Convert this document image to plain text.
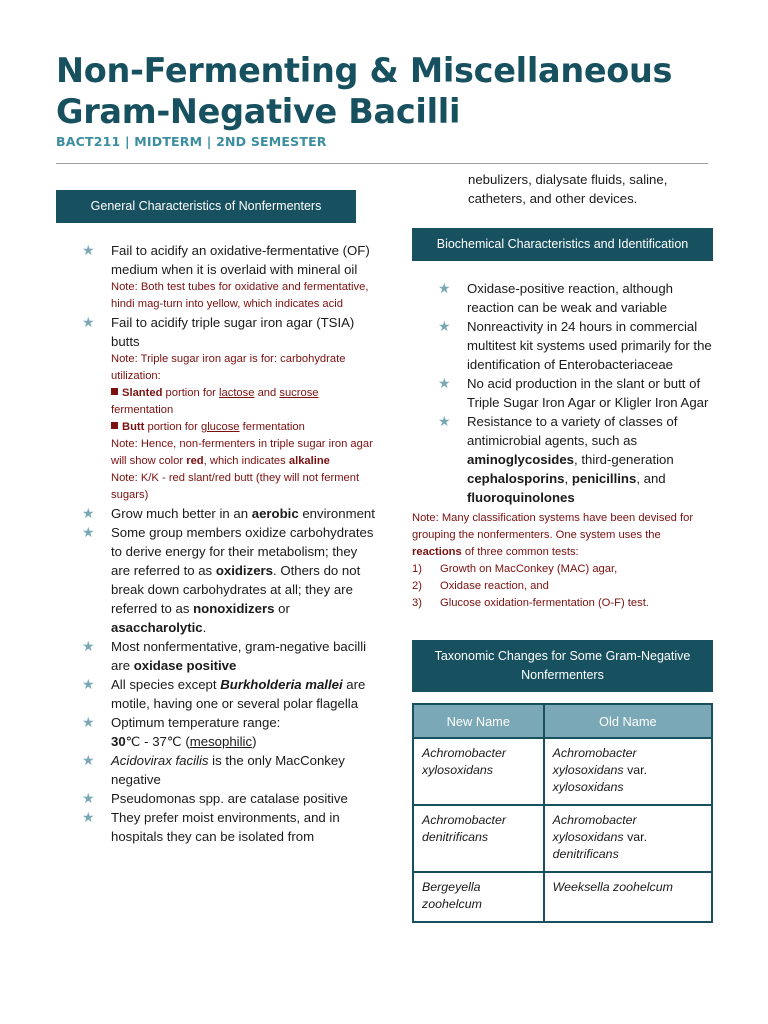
Non-Fermenting & Miscellaneous Gram-Negative Bacilli
BACT211 | MIDTERM | 2ND SEMESTER
General Characteristics of Nonfermenters
★ Fail to acidify an oxidative-fermentative (OF) medium when it is overlaid with mineral oil
Note: Both test tubes for oxidative and fermentative, hindi mag-turn into yellow, which indicates acid
★ Fail to acidify triple sugar iron agar (TSIA) butts
Note: Triple sugar iron agar is for: carbohydrate utilization:
Slanted portion for lactose and sucrose fermentation
Butt portion for glucose fermentation
Note: Hence, non-fermenters in triple sugar iron agar will show color red, which indicates alkaline
Note: K/K - red slant/red butt (they will not ferment sugars)
★ Grow much better in an aerobic environment
★ Some group members oxidize carbohydrates to derive energy for their metabolism; they are referred to as oxidizers. Others do not break down carbohydrates at all; they are referred to as nonoxidizers or asaccharolytic.
★ Most nonfermentative, gram-negative bacilli are oxidase positive
★ All species except Burkholderia mallei are motile, having one or several polar flagella
★ Optimum temperature range:
30℃ - 37℃ (mesophilic)
★ Acidovirax facilis is the only MacConkey negative
★ Pseudomonas spp. are catalase positive
★ They prefer moist environments, and in hospitals they can be isolated from
nebulizers, dialysate fluids, saline, catheters, and other devices.
Biochemical Characteristics and Identification
★ Oxidase-positive reaction, although reaction can be weak and variable
★ Nonreactivity in 24 hours in commercial multitest kit systems used primarily for the identification of Enterobacteriaceae
★ No acid production in the slant or butt of Triple Sugar Iron Agar or Kligler Iron Agar
★ Resistance to a variety of classes of antimicrobial agents, such as aminoglycosides, third-generation cephalosporins, penicillins, and fluoroquinolones
Note: Many classification systems have been devised for grouping the nonfermenters. One system uses the reactions of three common tests:
1)	Growth on MacConkey (MAC) agar,
2)	Oxidase reaction, and
3)	Glucose oxidation-fermentation (O-F) test.
Taxonomic Changes for Some Gram-Negative Nonfermenters
New Name	Old Name
Achromobacter xylosoxidans	Achromobacter xylosoxidans var. xylosoxidans
Achromobacter denitrificans	Achromobacter xylosoxidans var. denitrificans
Bergeyella zoohelcum	Weeksella zoohelcum
